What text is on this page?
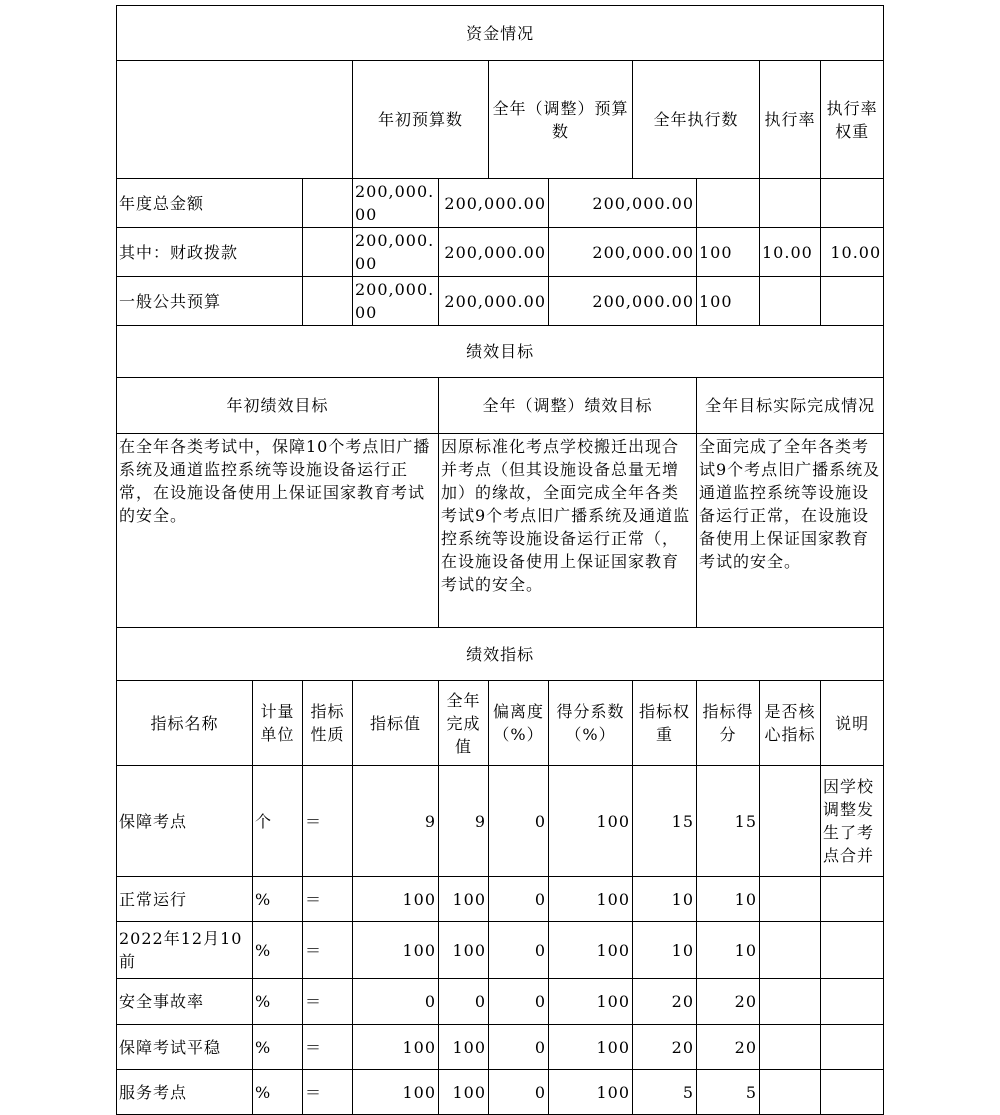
资金情况											
			年初预算数		全年（调整）预算数		全年执行数		执行率	执行率权重	
年度总金额			200,000.00	200,000.00		200,000.00					
其中：财政拨款			200,000.00	200,000.00		200,000.00		100	10.00	10.00	
一般公共预算			200,000.00	200,000.00		200,000.00		100			
绩效目标											
年初绩效目标				全年（调整）绩效目标				全年目标实际完成情况			
在全年各类考试中，保障10个考点旧广播系统及通道监控系统等设施设备运行正常，在设施设备使用上保证国家教育考试的安全。				因原标准化考点学校搬迁出现合并考点（但其设施设备总量无增加）的缘故，全面完成全年各类考试9个考点旧广播系统及通道监控系统等设施设备运行正常（，在设施设备使用上保证国家教育考试的安全。				全面完成了全年各类考试9个考点旧广播系统及通道监控系统等设施设备运行正常，在设施设备使用上保证国家教育考试的安全。			
绩效指标											
指标名称	计量单位	指标性质	指标值	全年完成值	偏离度（%）	得分系数（%）	指标权重	指标得分	是否核心指标	说明	
保障考点	个	＝	9	9	0	100	15	15		因学校调整发生了考点合并	
正常运行	%	＝	100	100	0	100	10	10			
2022年12月10前	%	＝	100	100	0	100	10	10			
安全事故率	%	＝	0	0	0	100	20	20			
保障考试平稳	%	＝	100	100	0	100	20	20			
服务考点	%	＝	100	100	0	100	5	5			
